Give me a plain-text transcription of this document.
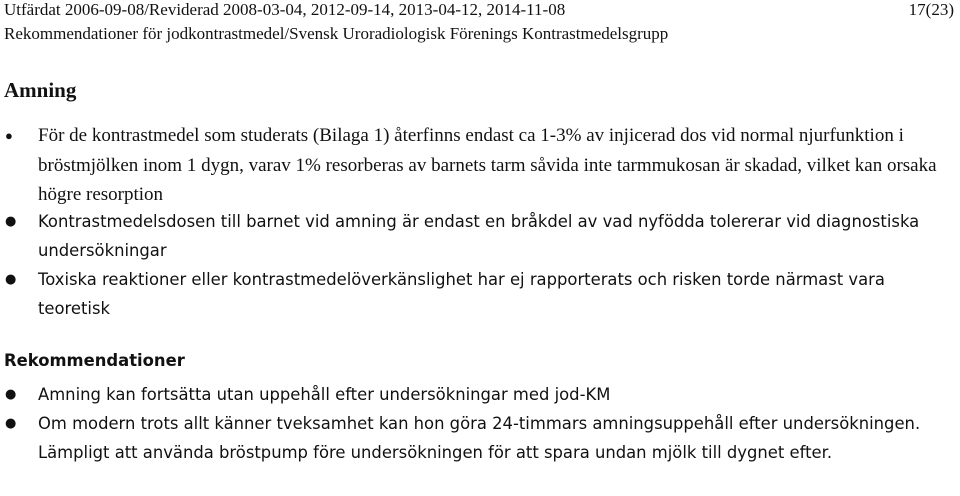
Utfärdat 2006-09-08/Reviderad 2008-03-04, 2012-09-14, 2013-04-12, 2014-11-08
Rekommendationer för jodkontrastmedel/Svensk Uroradiologisk Förenings Kontrastmedelsgrupp
17(23)
Amning
● För de kontrastmedel som studerats (Bilaga 1) återfinns endast ca 1-3% av injicerad dos vid normal njurfunktion i bröstmjölken inom 1 dygn, varav 1% resorberas av barnets tarm såvida inte tarmmukosan är skadad, vilket kan orsaka högre resorption
● Kontrastmedelsdosen till barnet vid amning är endast en bråkdel av vad nyfödda tolererar vid diagnostiska undersökningar
● Toxiska reaktioner eller kontrastmedelöverkänslighet har ej rapporterats och risken torde närmast vara teoretisk
Rekommendationer
● Amning kan fortsätta utan uppehåll efter undersökningar med jod-KM
● Om modern trots allt känner tveksamhet kan hon göra 24-timmars amningsuppehåll efter undersökningen. Lämpligt att använda bröstpump före undersökningen för att spara undan mjölk till dygnet efter.
